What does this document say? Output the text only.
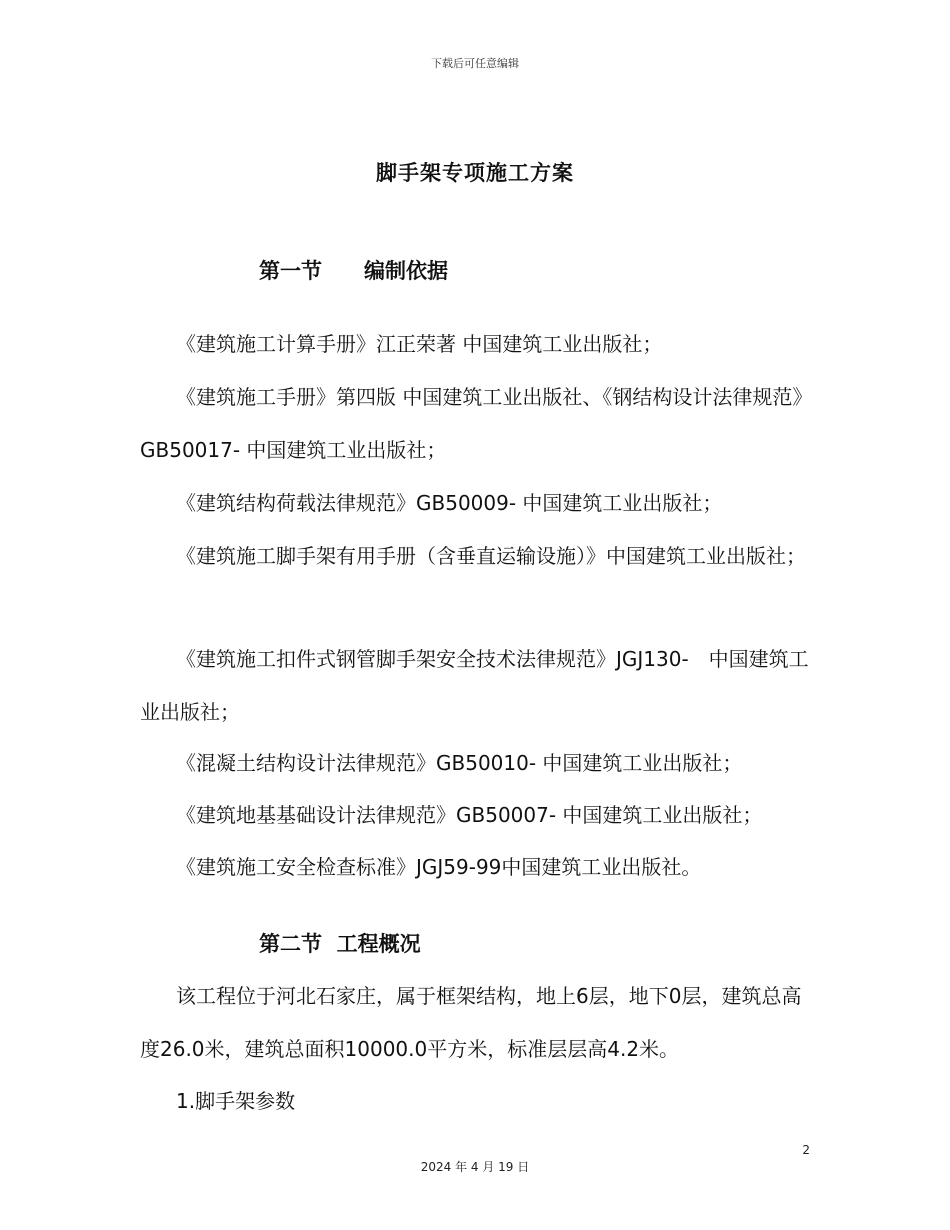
下载后可任意编辑
脚手架专项施工方案
第一节　　编制依据

《建筑施工计算手册》江正荣著 中国建筑工业出版社；

《建筑施工手册》第四版 中国建筑工业出版社、《钢结构设计法律规范》GB50017- 中国建筑工业出版社；

《建筑结构荷载法律规范》GB50009- 中国建筑工业出版社；

《建筑施工脚手架有用手册（含垂直运输设施）》中国建筑工业出版社；

《建筑施工扣件式钢管脚手架安全技术法律规范》JGJ130-　中国建筑工业出版社；

《混凝土结构设计法律规范》GB50010- 中国建筑工业出版社；

《建筑地基基础设计法律规范》GB50007- 中国建筑工业出版社；

《建筑施工安全检查标准》JGJ59-99中国建筑工业出版社。

第二节  工程概况

该工程位于河北石家庄，属于框架结构，地上6层，地下0层，建筑总高度26.0米，建筑总面积10000.0平方米，标准层层高4.2米。

1.脚手架参数

2
2024 年 4 月 19 日
